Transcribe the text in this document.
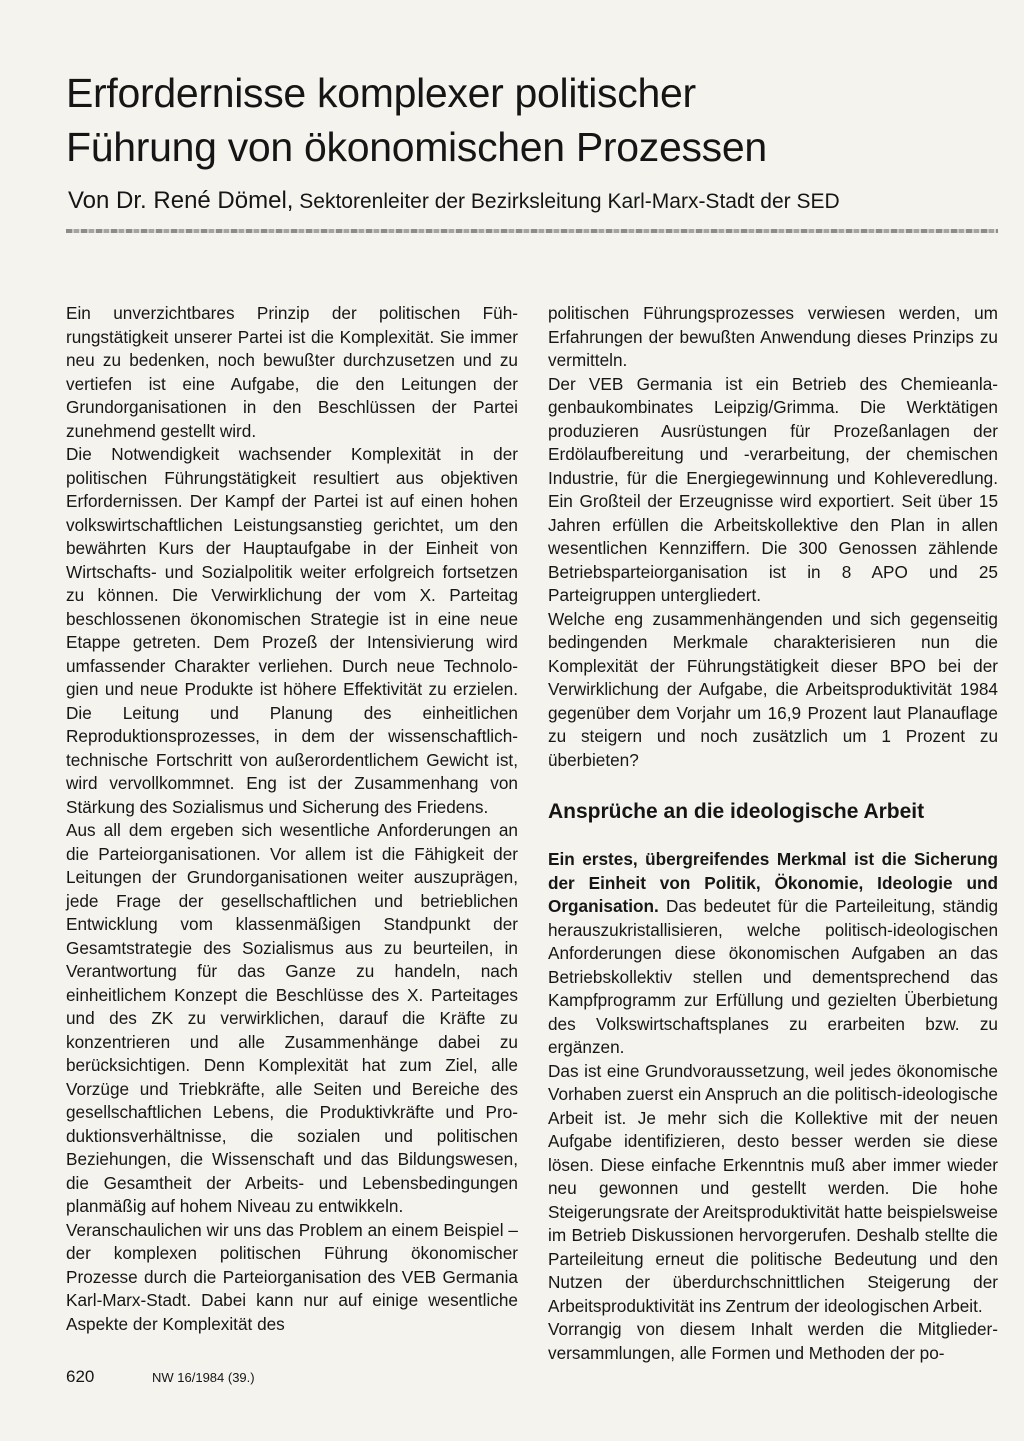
Erfordernisse komplexer politischer
Führung von ökonomischen Prozessen

Von Dr. René Dömel, Sektorenleiter der Bezirksleitung Karl-Marx-Stadt der SED

Ein unverzichtbares Prinzip der politischen Führungstätigkeit unserer Partei ist die Komplexität. Sie immer neu zu bedenken, noch bewußter durchzusetzen und zu vertiefen ist eine Aufgabe, die den Leitungen der Grundorganisationen in den Beschlüssen der Partei zunehmend gestellt wird.

Die Notwendigkeit wachsender Komplexität in der politischen Führungstätigkeit resultiert aus objektiven Erfordernissen. Der Kampf der Partei ist auf einen hohen volkswirtschaftlichen Leistungsanstieg gerichtet, um den bewährten Kurs der Hauptaufgabe in der Einheit von Wirtschafts- und Sozialpolitik weiter erfolgreich fortsetzen zu können. Die Verwirklichung der vom X. Parteitag beschlossenen ökonomischen Strategie ist in eine neue Etappe getreten. Dem Prozeß der Intensivierung wird umfassender Charakter verliehen. Durch neue Technologien und neue Produkte ist höhere Effektivität zu erzielen. Die Leitung und Planung des einheitlichen Reproduktionsprozesses, in dem der wissenschaftlich-technische Fortschritt von außerordentlichem Gewicht ist, wird vervollkommnet. Eng ist der Zusammenhang von Stärkung des Sozialismus und Sicherung des Friedens.

Aus all dem ergeben sich wesentliche Anforderungen an die Parteiorganisationen. Vor allem ist die Fähigkeit der Leitungen der Grundorganisationen weiter auszuprägen, jede Frage der gesellschaftlichen und betrieblichen Entwicklung vom klassenmäßigen Standpunkt der Gesamtstrategie des Sozialismus aus zu beurteilen, in Verantwortung für das Ganze zu handeln, nach einheitlichem Konzept die Beschlüsse des X. Parteitages und des ZK zu verwirklichen, darauf die Kräfte zu konzentrieren und alle Zusammenhänge dabei zu berücksichtigen. Denn Komplexität hat zum Ziel, alle Vorzüge und Triebkräfte, alle Seiten und Bereiche des gesellschaftlichen Lebens, die Produktivkräfte und Produktionsverhältnisse, die sozialen und politischen Beziehungen, die Wissenschaft und das Bildungswesen, die Gesamtheit der Arbeits- und Lebensbedingungen planmäßig auf hohem Niveau zu entwikkeln.

Veranschaulichen wir uns das Problem an einem Beispiel – der komplexen politischen Führung ökonomischer Prozesse durch die Parteiorganisation des VEB Germania Karl-Marx-Stadt. Dabei kann nur auf einige wesentliche Aspekte der Komplexität des

politischen Führungsprozesses verwiesen werden, um Erfahrungen der bewußten Anwendung dieses Prinzips zu vermitteln.

Der VEB Germania ist ein Betrieb des Chemieanlagenbaukombinates Leipzig/Grimma. Die Werktätigen produzieren Ausrüstungen für Prozeßanlagen der Erdölaufbereitung und -verarbeitung, der chemischen Industrie, für die Energiegewinnung und Kohleveredlung. Ein Großteil der Erzeugnisse wird exportiert. Seit über 15 Jahren erfüllen die Arbeitskollektive den Plan in allen wesentlichen Kennziffern. Die 300 Genossen zählende Betriebsparteiorganisation ist in 8 APO und 25 Parteigruppen untergliedert.

Welche eng zusammenhängenden und sich gegenseitig bedingenden Merkmale charakterisieren nun die Komplexität der Führungstätigkeit dieser BPO bei der Verwirklichung der Aufgabe, die Arbeitsproduktivität 1984 gegenüber dem Vorjahr um 16,9 Prozent laut Planauflage zu steigern und noch zusätzlich um 1 Prozent zu überbieten?

Ansprüche an die ideologische Arbeit

Ein erstes, übergreifendes Merkmal ist die Sicherung der Einheit von Politik, Ökonomie, Ideologie und Organisation. Das bedeutet für die Parteileitung, ständig herauszukristallisieren, welche politisch-ideologischen Anforderungen diese ökonomischen Aufgaben an das Betriebskollektiv stellen und dementsprechend das Kampfprogramm zur Erfüllung und gezielten Überbietung des Volkswirtschaftsplanes zu erarbeiten bzw. zu ergänzen.

Das ist eine Grundvoraussetzung, weil jedes ökonomische Vorhaben zuerst ein Anspruch an die politisch-ideologische Arbeit ist. Je mehr sich die Kollektive mit der neuen Aufgabe identifizieren, desto besser werden sie diese lösen. Diese einfache Erkenntnis muß aber immer wieder neu gewonnen und gestellt werden. Die hohe Steigerungsrate der Areitsproduktivität hatte beispielsweise im Betrieb Diskussionen hervorgerufen. Deshalb stellte die Parteileitung erneut die politische Bedeutung und den Nutzen der überdurchschnittlichen Steigerung der Arbeitsproduktivität ins Zentrum der ideologischen Arbeit.

Vorrangig von diesem Inhalt werden die Mitgliederversammlungen, alle Formen und Methoden der po-

620	NW 16/1984 (39.)
